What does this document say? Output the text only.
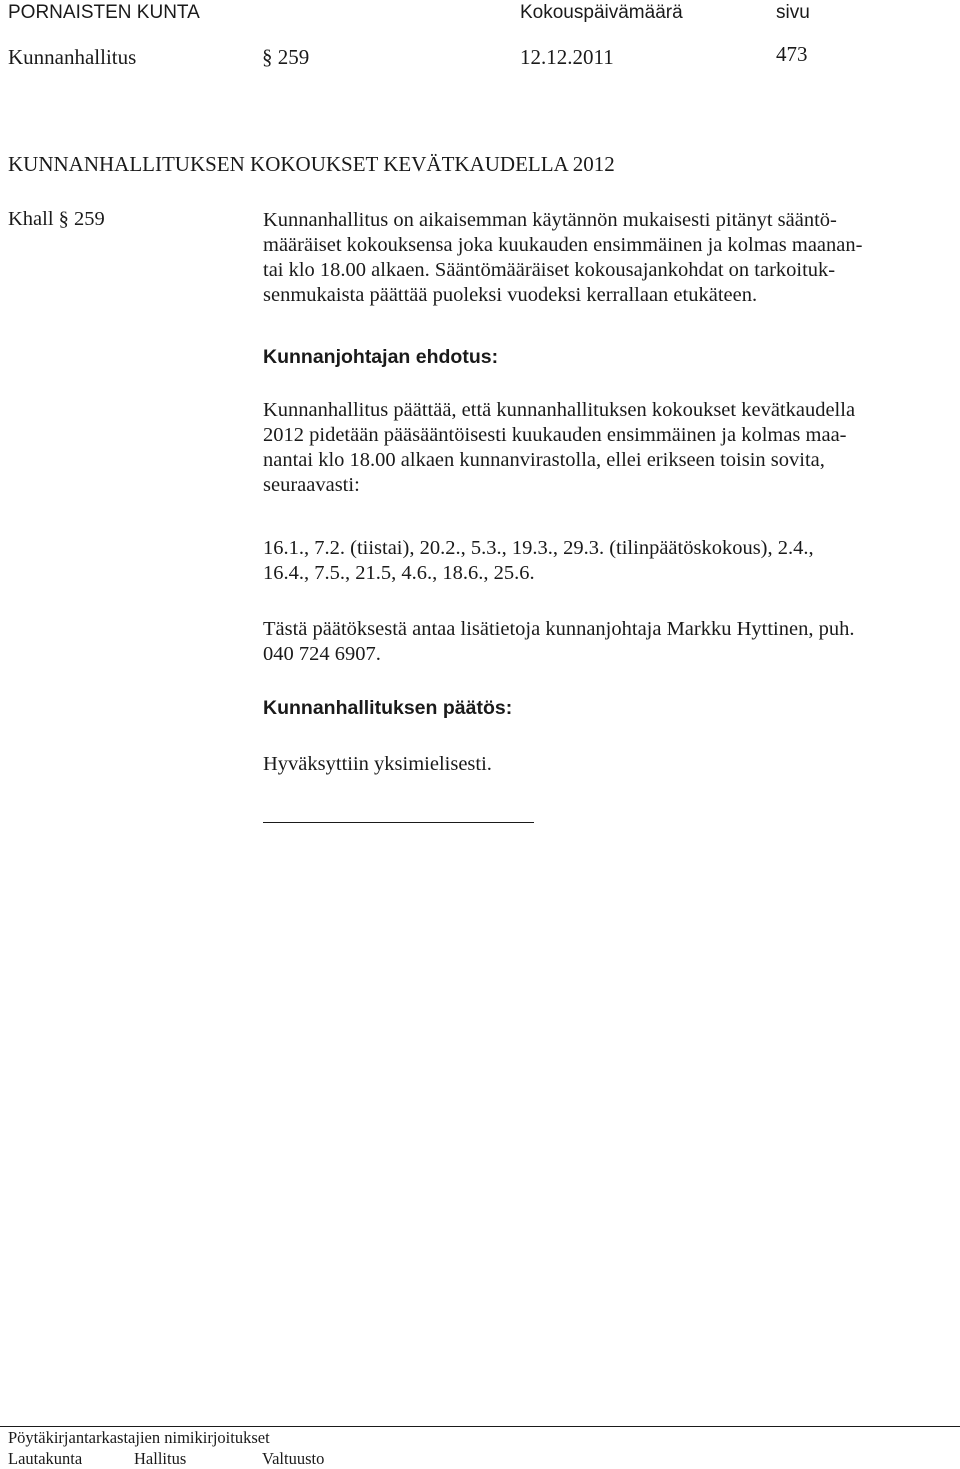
PORNAISTEN KUNTA	Kokouspäivämäärä	sivu
Kunnanhallitus	§ 259	12.12.2011	473
KUNNANHALLITUKSEN KOKOUKSET KEVÄTKAUDELLA 2012
Khall § 259	Kunnanhallitus on aikaisemman käytännön mukaisesti pitänyt sääntö-

määräiset kokouksensa joka kuukauden ensimmäinen ja kolmas maanan-

tai klo 18.00 alkaen. Sääntömääräiset kokousajankohdat on tarkoituk-

senmukaista päättää puoleksi vuodeksi kerrallaan etukäteen.

Kunnanjohtajan ehdotus:

Kunnanhallitus päättää, että kunnanhallituksen kokoukset kevätkaudella

2012 pidetään pääsääntöisesti kuukauden ensimmäinen ja kolmas maa-

nantai klo 18.00 alkaen kunnanvirastolla, ellei erikseen toisin sovita,

seuraavasti:

16.1., 7.2. (tiistai), 20.2., 5.3., 19.3., 29.3. (tilinpäätöskokous), 2.4.,

16.4., 7.5., 21.5, 4.6., 18.6., 25.6.

Tästä päätöksestä antaa lisätietoja kunnanjohtaja Markku Hyttinen, puh.

040 724 6907.

Kunnanhallituksen päätös:
Hyväksyttiin yksimielisesti.
Pöytäkirjantarkastajien nimikirjoitukset
Lautakunta	Hallitus	Valtuusto
